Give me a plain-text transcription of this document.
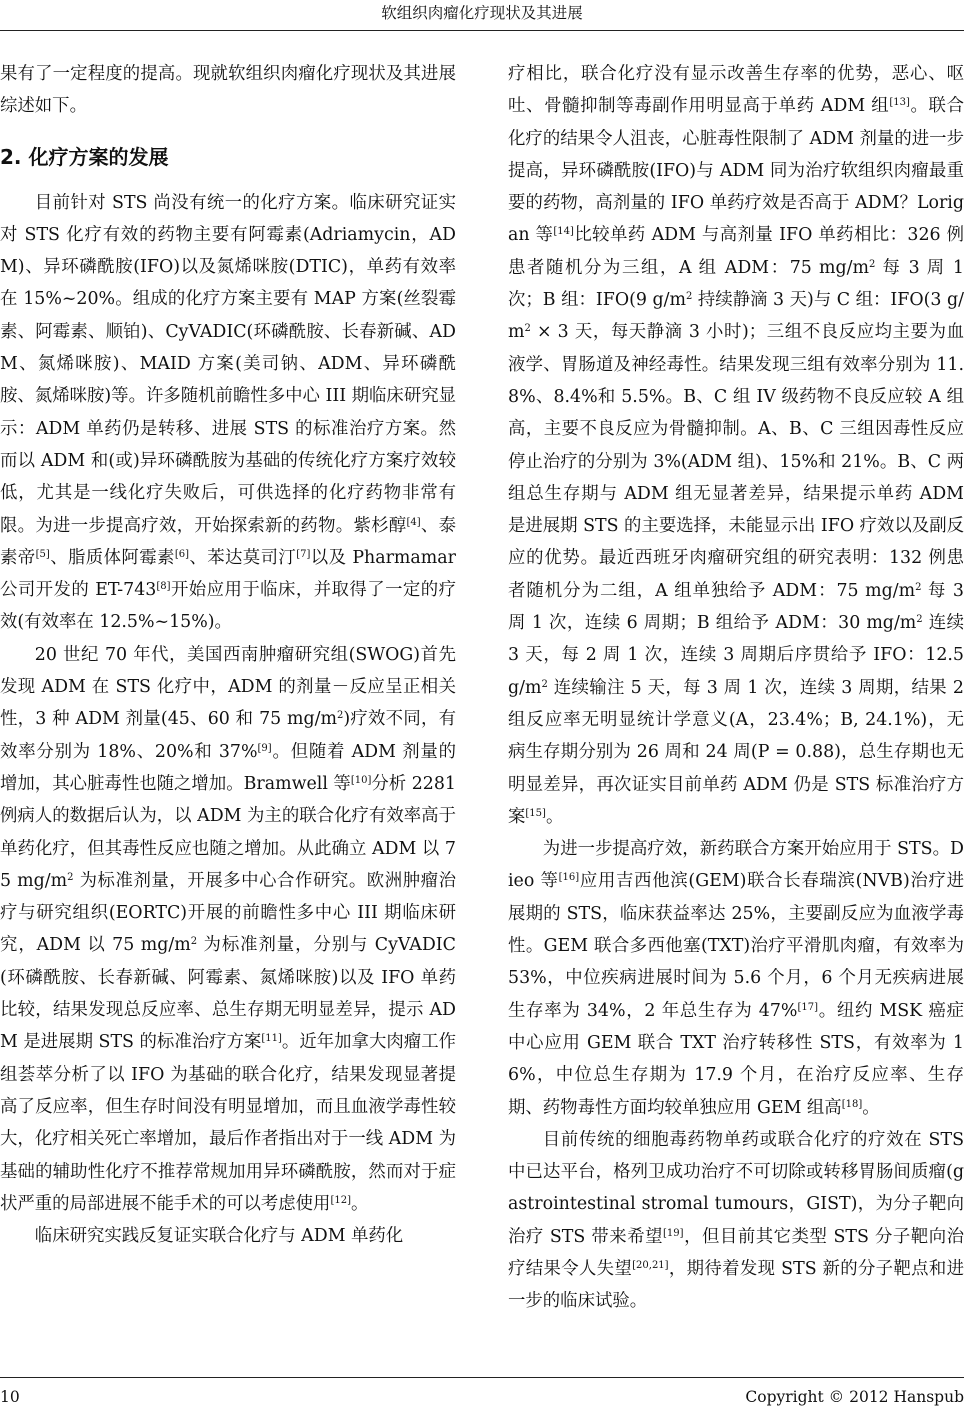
软组织肉瘤化疗现状及其进展

果有了一定程度的提高。现就软组织肉瘤化疗现状及其进展综述如下。

2. 化疗方案的发展

目前针对 STS 尚没有统一的化疗方案。临床研究证实对 STS 化疗有效的药物主要有阿霉素(Adriamycin，ADM)、异环磷酰胺(IFO)以及氮烯咪胺(DTIC)，单药有效率在 15%~20%。组成的化疗方案主要有 MAP 方案(丝裂霉素、阿霉素、顺铂)、CyVADIC(环磷酰胺、长春新碱、ADM、氮烯咪胺)、MAID 方案(美司钠、ADM、异环磷酰胺、氮烯咪胺)等。许多随机前瞻性多中心 III 期临床研究显示：ADM 单药仍是转移、进展 STS 的标准治疗方案。然而以 ADM 和(或)异环磷酰胺为基础的传统化疗方案疗效较低，尤其是一线化疗失败后，可供选择的化疗药物非常有限。为进一步提高疗效，开始探索新的药物。紫杉醇[4]、泰素帝[5]、脂质体阿霉素[6]、苯达莫司汀[7]以及 Pharmamar 公司开发的 ET-743[8]开始应用于临床，并取得了一定的疗效(有效率在 12.5%~15%)。

20 世纪 70 年代，美国西南肿瘤研究组(SWOG)首先发现 ADM 在 STS 化疗中，ADM 的剂量－反应呈正相关性，3 种 ADM 剂量(45、60 和 75 $mg/m^2$)疗效不同，有效率分别为 18%、20%和 37%[9]。但随着 ADM 剂量的增加，其心脏毒性也随之增加。Bramwell 等[10]分析 2281 例病人的数据后认为，以 ADM 为主的联合化疗有效率高于单药化疗，但其毒性反应也随之增加。从此确立 ADM 以 75 $mg/m^2$ 为标准剂量，开展多中心合作研究。欧洲肿瘤治疗与研究组织(EORTC)开展的前瞻性多中心 III 期临床研究，ADM 以 75 $mg/m^2$ 为标准剂量，分别与 CyVADIC(环磷酰胺、长春新碱、阿霉素、氮烯咪胺)以及 IFO 单药比较，结果发现总反应率、总生存期无明显差异，提示 ADM 是进展期 STS 的标准治疗方案[11]。近年加拿大肉瘤工作组荟萃分析了以 IFO 为基础的联合化疗，结果发现显著提高了反应率，但生存时间没有明显增加，而且血液学毒性较大，化疗相关死亡率增加，最后作者指出对于一线 ADM 为基础的辅助性化疗不推荐常规加用异环磷酰胺，然而对于症状严重的局部进展不能手术的可以考虑使用[12]。

临床研究实践反复证实联合化疗与 ADM 单药化

疗相比，联合化疗没有显示改善生存率的优势，恶心、呕吐、骨髓抑制等毒副作用明显高于单药 ADM 组[13]。联合化疗的结果令人沮丧，心脏毒性限制了 ADM 剂量的进一步提高，异环磷酰胺(IFO)与 ADM 同为治疗软组织肉瘤最重要的药物，高剂量的 IFO 单药疗效是否高于 ADM？Lorigan 等[14]比较单药 ADM 与高剂量 IFO 单药相比：326 例患者随机分为三组，A 组 ADM：75 $mg/m^2$ 每 3 周 1 次；B 组：IFO(9 $g/m^2$ 持续静滴 3 天)与 C 组：IFO(3 $g/m^2 \times 3$ 天，每天静滴 3 小时)；三组不良反应均主要为血液学、胃肠道及神经毒性。结果发现三组有效率分别为 11.8%、8.4%和 5.5%。B、C 组 IV 级药物不良反应较 A 组高，主要不良反应为骨髓抑制。A、B、C 三组因毒性反应停止治疗的分别为 3%(ADM 组)、15%和 21%。B、C 两组总生存期与 ADM 组无显著差异，结果提示单药 ADM 是进展期 STS 的主要选择，未能显示出 IFO 疗效以及副反应的优势。最近西班牙肉瘤研究组的研究表明：132 例患者随机分为二组，A 组单独给予 ADM：75 $mg/m^2$ 每 3 周 1 次，连续 6 周期；B 组给予 ADM：30 $mg/m^2$ 连续 3 天，每 2 周 1 次，连续 3 周期后序贯给予 IFO：12.5 $g/m^2$ 连续输注 5 天，每 3 周 1 次，连续 3 周期，结果 2 组反应率无明显统计学意义(A，23.4%；B, 24.1%)，无病生存期分别为 26 周和 24 周(P = 0.88)，总生存期也无明显差异，再次证实目前单药 ADM 仍是 STS 标准治疗方案[15]。

为进一步提高疗效，新药联合方案开始应用于 STS。Dieo 等[16]应用吉西他滨(GEM)联合长春瑞滨(NVB)治疗进展期的 STS，临床获益率达 25%，主要副反应为血液学毒性。GEM 联合多西他塞(TXT)治疗平滑肌肉瘤，有效率为 53%，中位疾病进展时间为 5.6 个月，6 个月无疾病进展生存率为 34%，2 年总生存为 47%[17]。纽约 MSK 癌症中心应用 GEM 联合 TXT 治疗转移性 STS，有效率为 16%，中位总生存期为 17.9 个月，在治疗反应率、生存期、药物毒性方面均较单独应用 GEM 组高[18]。

目前传统的细胞毒药物单药或联合化疗的疗效在 STS 中已达平台，格列卫成功治疗不可切除或转移胃肠间质瘤(gastrointestinal stromal tumours，GIST)，为分子靶向治疗 STS 带来希望[19]，但目前其它类型 STS 分子靶向治疗结果令人失望[20,21]，期待着发现 STS 新的分子靶点和进一步的临床试验。

10	Copyright © 2012 Hanspub
